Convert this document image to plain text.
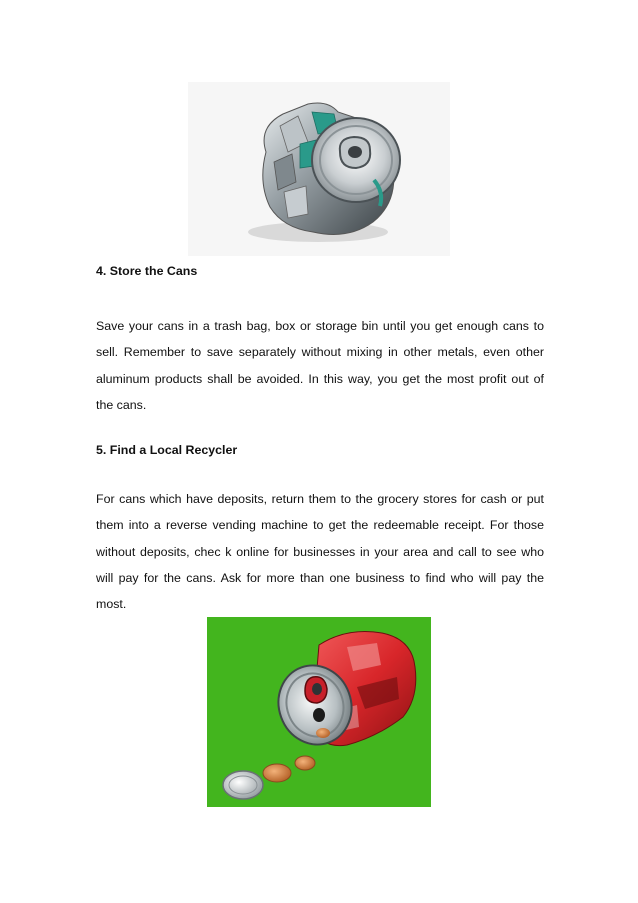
4. Store the Cans
Save your cans in a trash bag, box or storage bin until you get enough cans to
sell. Remember to save separately without mixing in other metals, even other
aluminum products shall be avoided. In this way, you get the most profit out of
the cans.
5. Find a Local Recycler
For cans which have deposits, return them to the grocery stores for cash or put
them into a reverse vending machine to get the redeemable receipt. For those
without deposits, chec k online for businesses in your area and call to see who
will pay for the cans. Ask for more than one business to find who will pay the
most.
